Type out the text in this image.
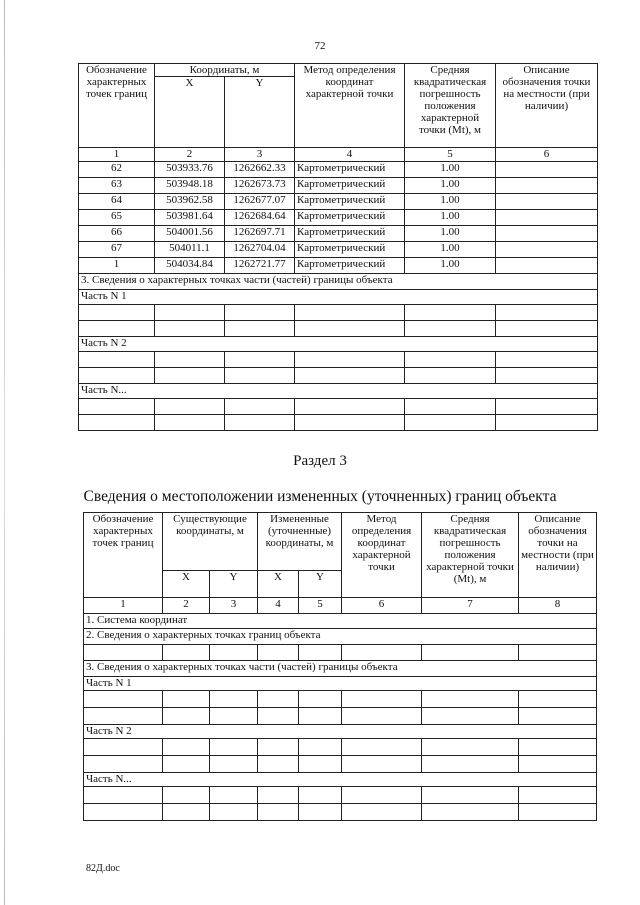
72
Обозначение характерных точек границ	Координаты, м		Метод определения координат характерной точки	Средняя квадратическая погрешность положения характерной точки (Mt), м	Описание обозначения точки на местности (при наличии)
	X	Y			
1	2	3	4	5	6
62	503933.76	1262662.33	Картометрический	1.00	
63	503948.18	1262673.73	Картометрический	1.00	
64	503962.58	1262677.07	Картометрический	1.00	
65	503981.64	1262684.64	Картометрический	1.00	
66	504001.56	1262697.71	Картометрический	1.00	
67	504011.1	1262704.04	Картометрический	1.00	
1	504034.84	1262721.77	Картометрический	1.00	
3. Сведения о характерных точках части (частей) границы объекта					
Часть N 1					

Часть N 2					

Часть N...					

Раздел 3
Сведения о местоположении измененных (уточненных) границ объекта
Обозначение характерных точек границ	Существующие координаты, м		Измененные (уточненные) координаты, м		Метод определения координат характерной точки	Средняя квадратическая погрешность положения характерной точки (Mt), м	Описание обозначения точки на местности (при наличии)
	X	Y	X	Y			
1	2	3	4	5	6	7	8
1. Система координат							
2. Сведения о характерных точках границ объекта							

3. Сведения о характерных точках части (частей) границы объекта							
Часть N 1							

Часть N 2							

Часть N...							

82Д.doc
